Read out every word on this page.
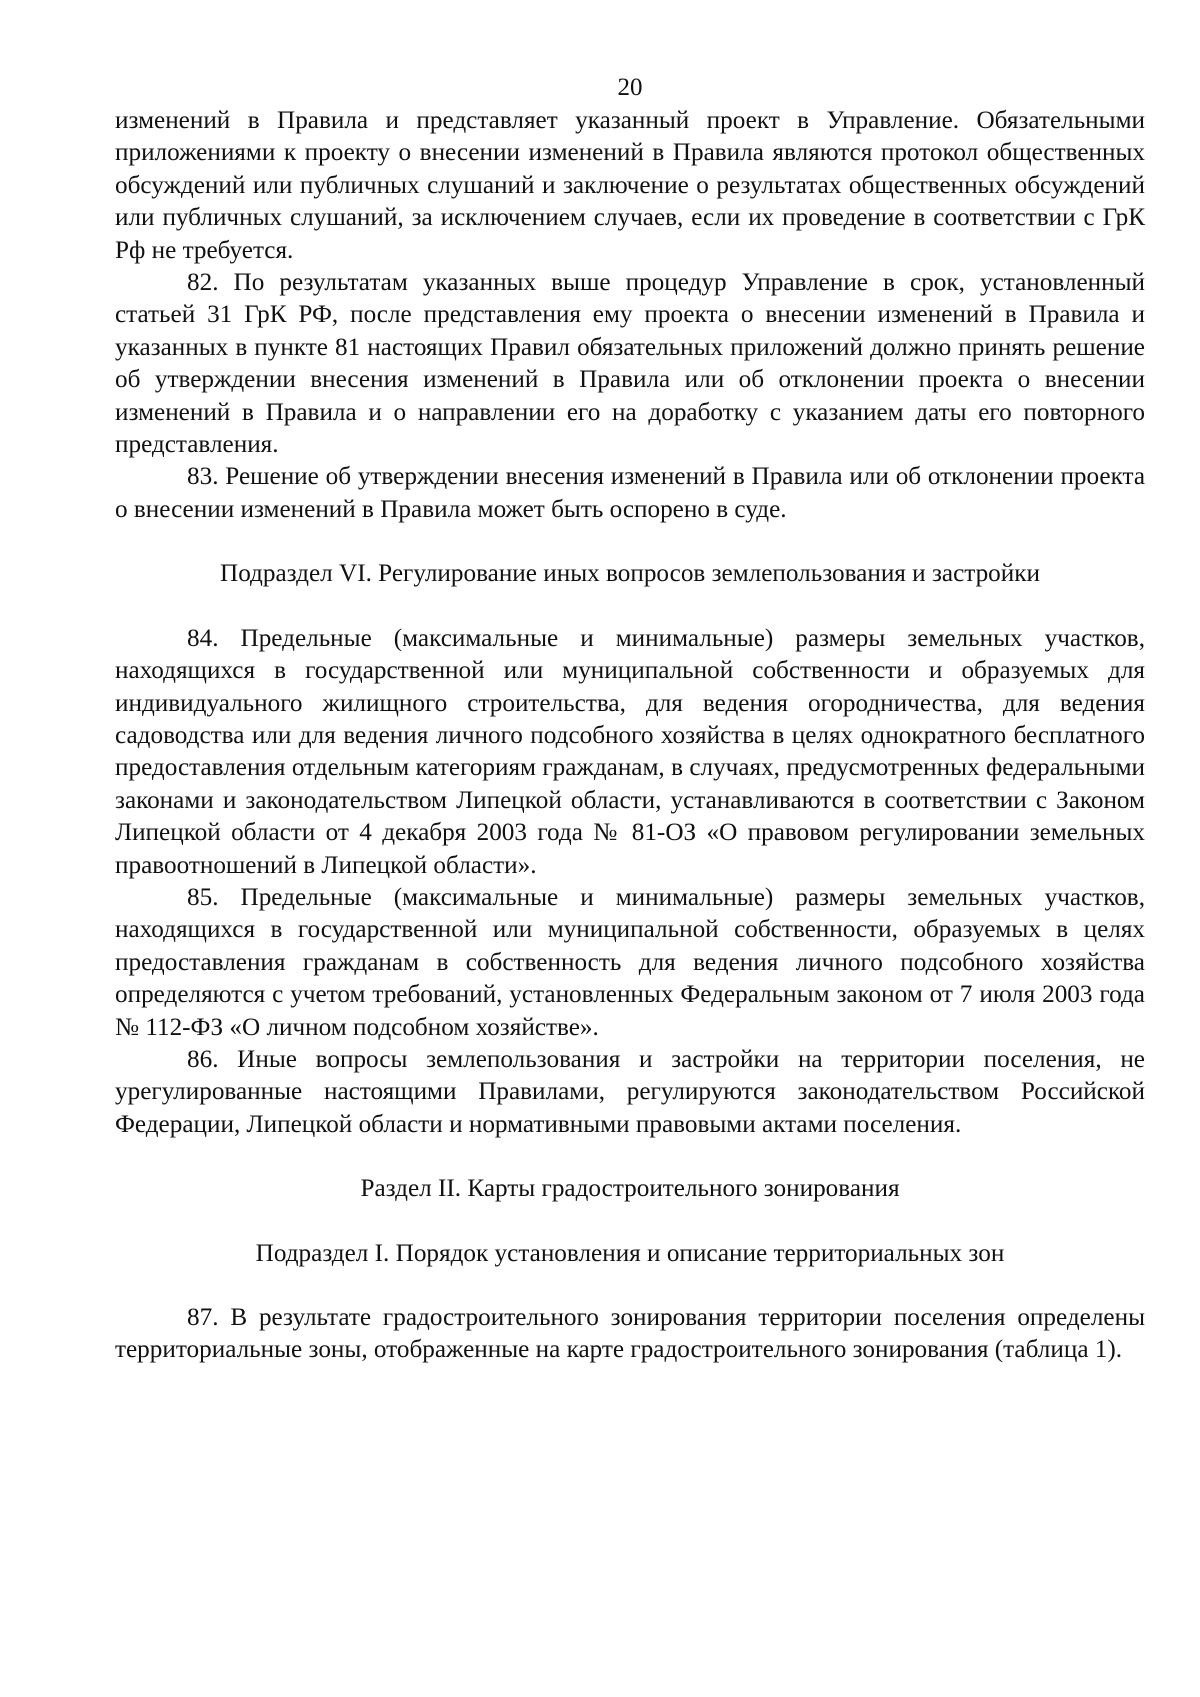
20

изменений в Правила и представляет указанный проект в Управление. Обязательными приложениями к проекту о внесении изменений в Правила являются протокол общественных обсуждений или публичных слушаний и заключение о результатах общественных обсуждений или публичных слушаний, за исключением случаев, если их проведение в соответствии с ГрК Рф не требуется.

82. По результатам указанных выше процедур Управление в срок, установленный статьей 31 ГрК РФ, после представления ему проекта о внесении изменений в Правила и указанных в пункте 81 настоящих Правил обязательных приложений должно принять решение об утверждении внесения изменений в Правила или об отклонении проекта о внесении изменений в Правила и о направлении его на доработку с указанием даты его повторного представления.

83. Решение об утверждении внесения изменений в Правила или об отклонении проекта о внесении изменений в Правила может быть оспорено в суде.

Подраздел VI. Регулирование иных вопросов землепользования и застройки

84. Предельные (максимальные и минимальные) размеры земельных участков, находящихся в государственной или муниципальной собственности и образуемых для индивидуального жилищного строительства, для ведения огородничества, для ведения садоводства или для ведения личного подсобного хозяйства в целях однократного бесплатного предоставления отдельным категориям гражданам, в случаях, предусмотренных федеральными законами и законодательством Липецкой области, устанавливаются в соответствии с Законом Липецкой области от 4 декабря 2003 года № 81-ОЗ «О правовом регулировании земельных правоотношений в Липецкой области».

85. Предельные (максимальные и минимальные) размеры земельных участков, находящихся в государственной или муниципальной собственности, образуемых в целях предоставления гражданам в собственность для ведения личного подсобного хозяйства определяются с учетом требований, установленных Федеральным законом от 7 июля 2003 года № 112-ФЗ «О личном подсобном хозяйстве».

86. Иные вопросы землепользования и застройки на территории поселения, не урегулированные настоящими Правилами, регулируются законодательством Российской Федерации, Липецкой области и нормативными правовыми актами поселения.

Раздел II. Карты градостроительного зонирования
Подраздел I. Порядок установления и описание территориальных зон

87. В результате градостроительного зонирования территории поселения определены территориальные зоны, отображенные на карте градостроительного зонирования (таблица 1).
